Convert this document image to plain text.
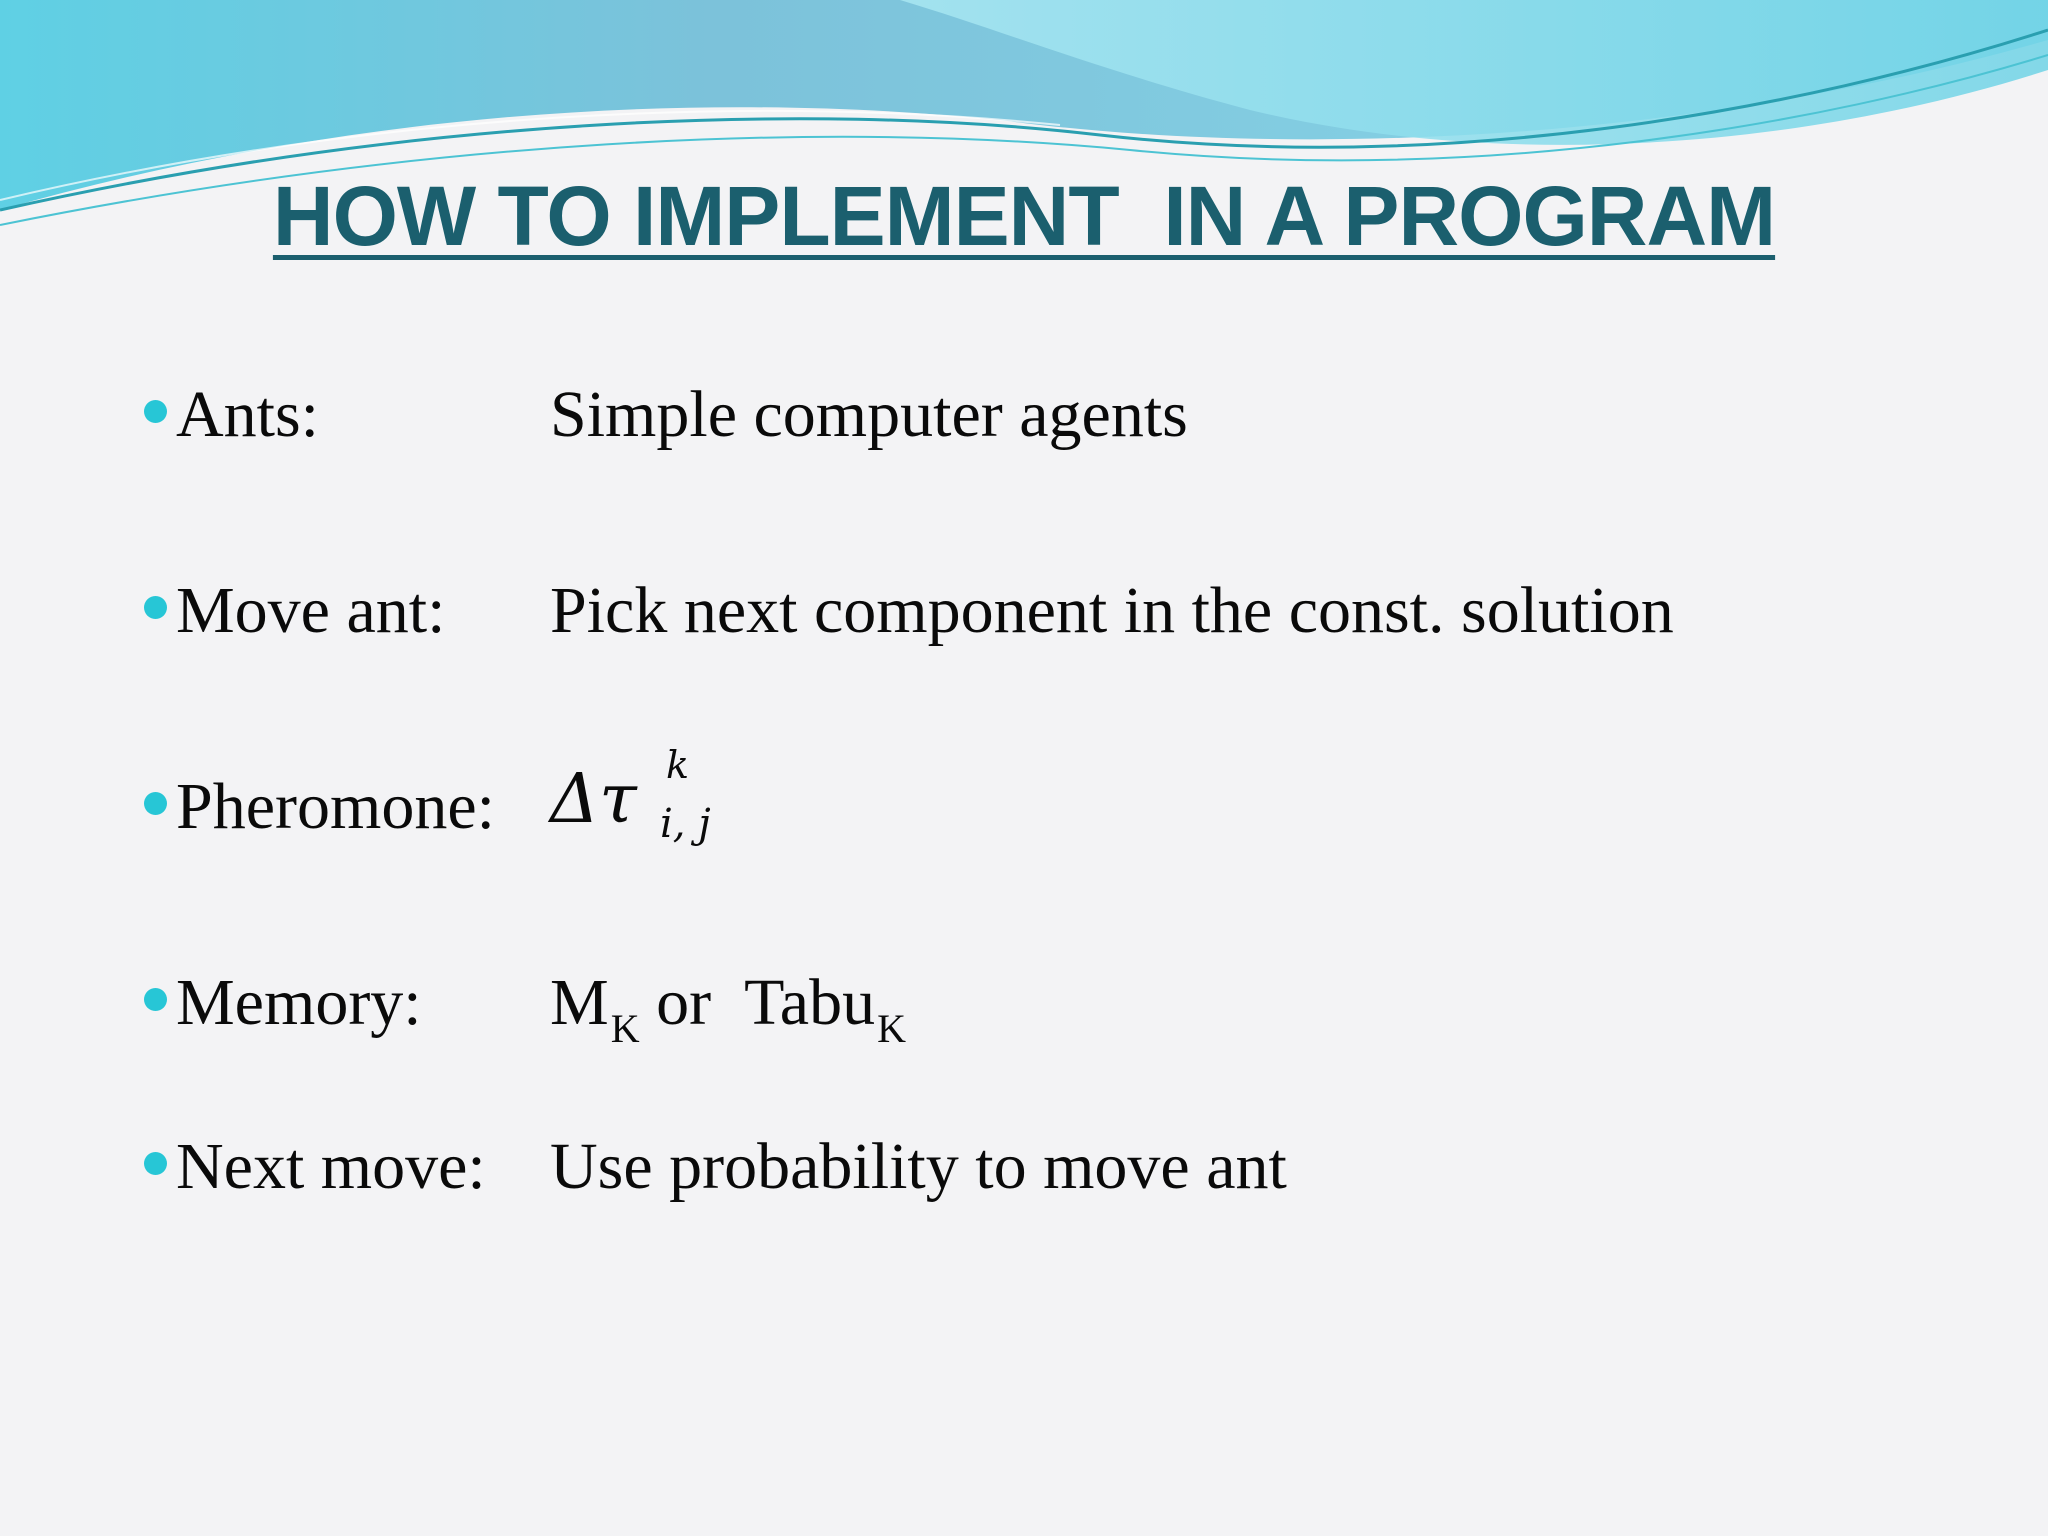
HOW TO IMPLEMENT  IN A PROGRAM
Ants:	Simple computer agents
Move ant: Pick next component in the const. solution
Pheromone: Δτ k
i, j
Memory: $M_K$ or Tabu$_K$
Next move: Use probability to move ant
